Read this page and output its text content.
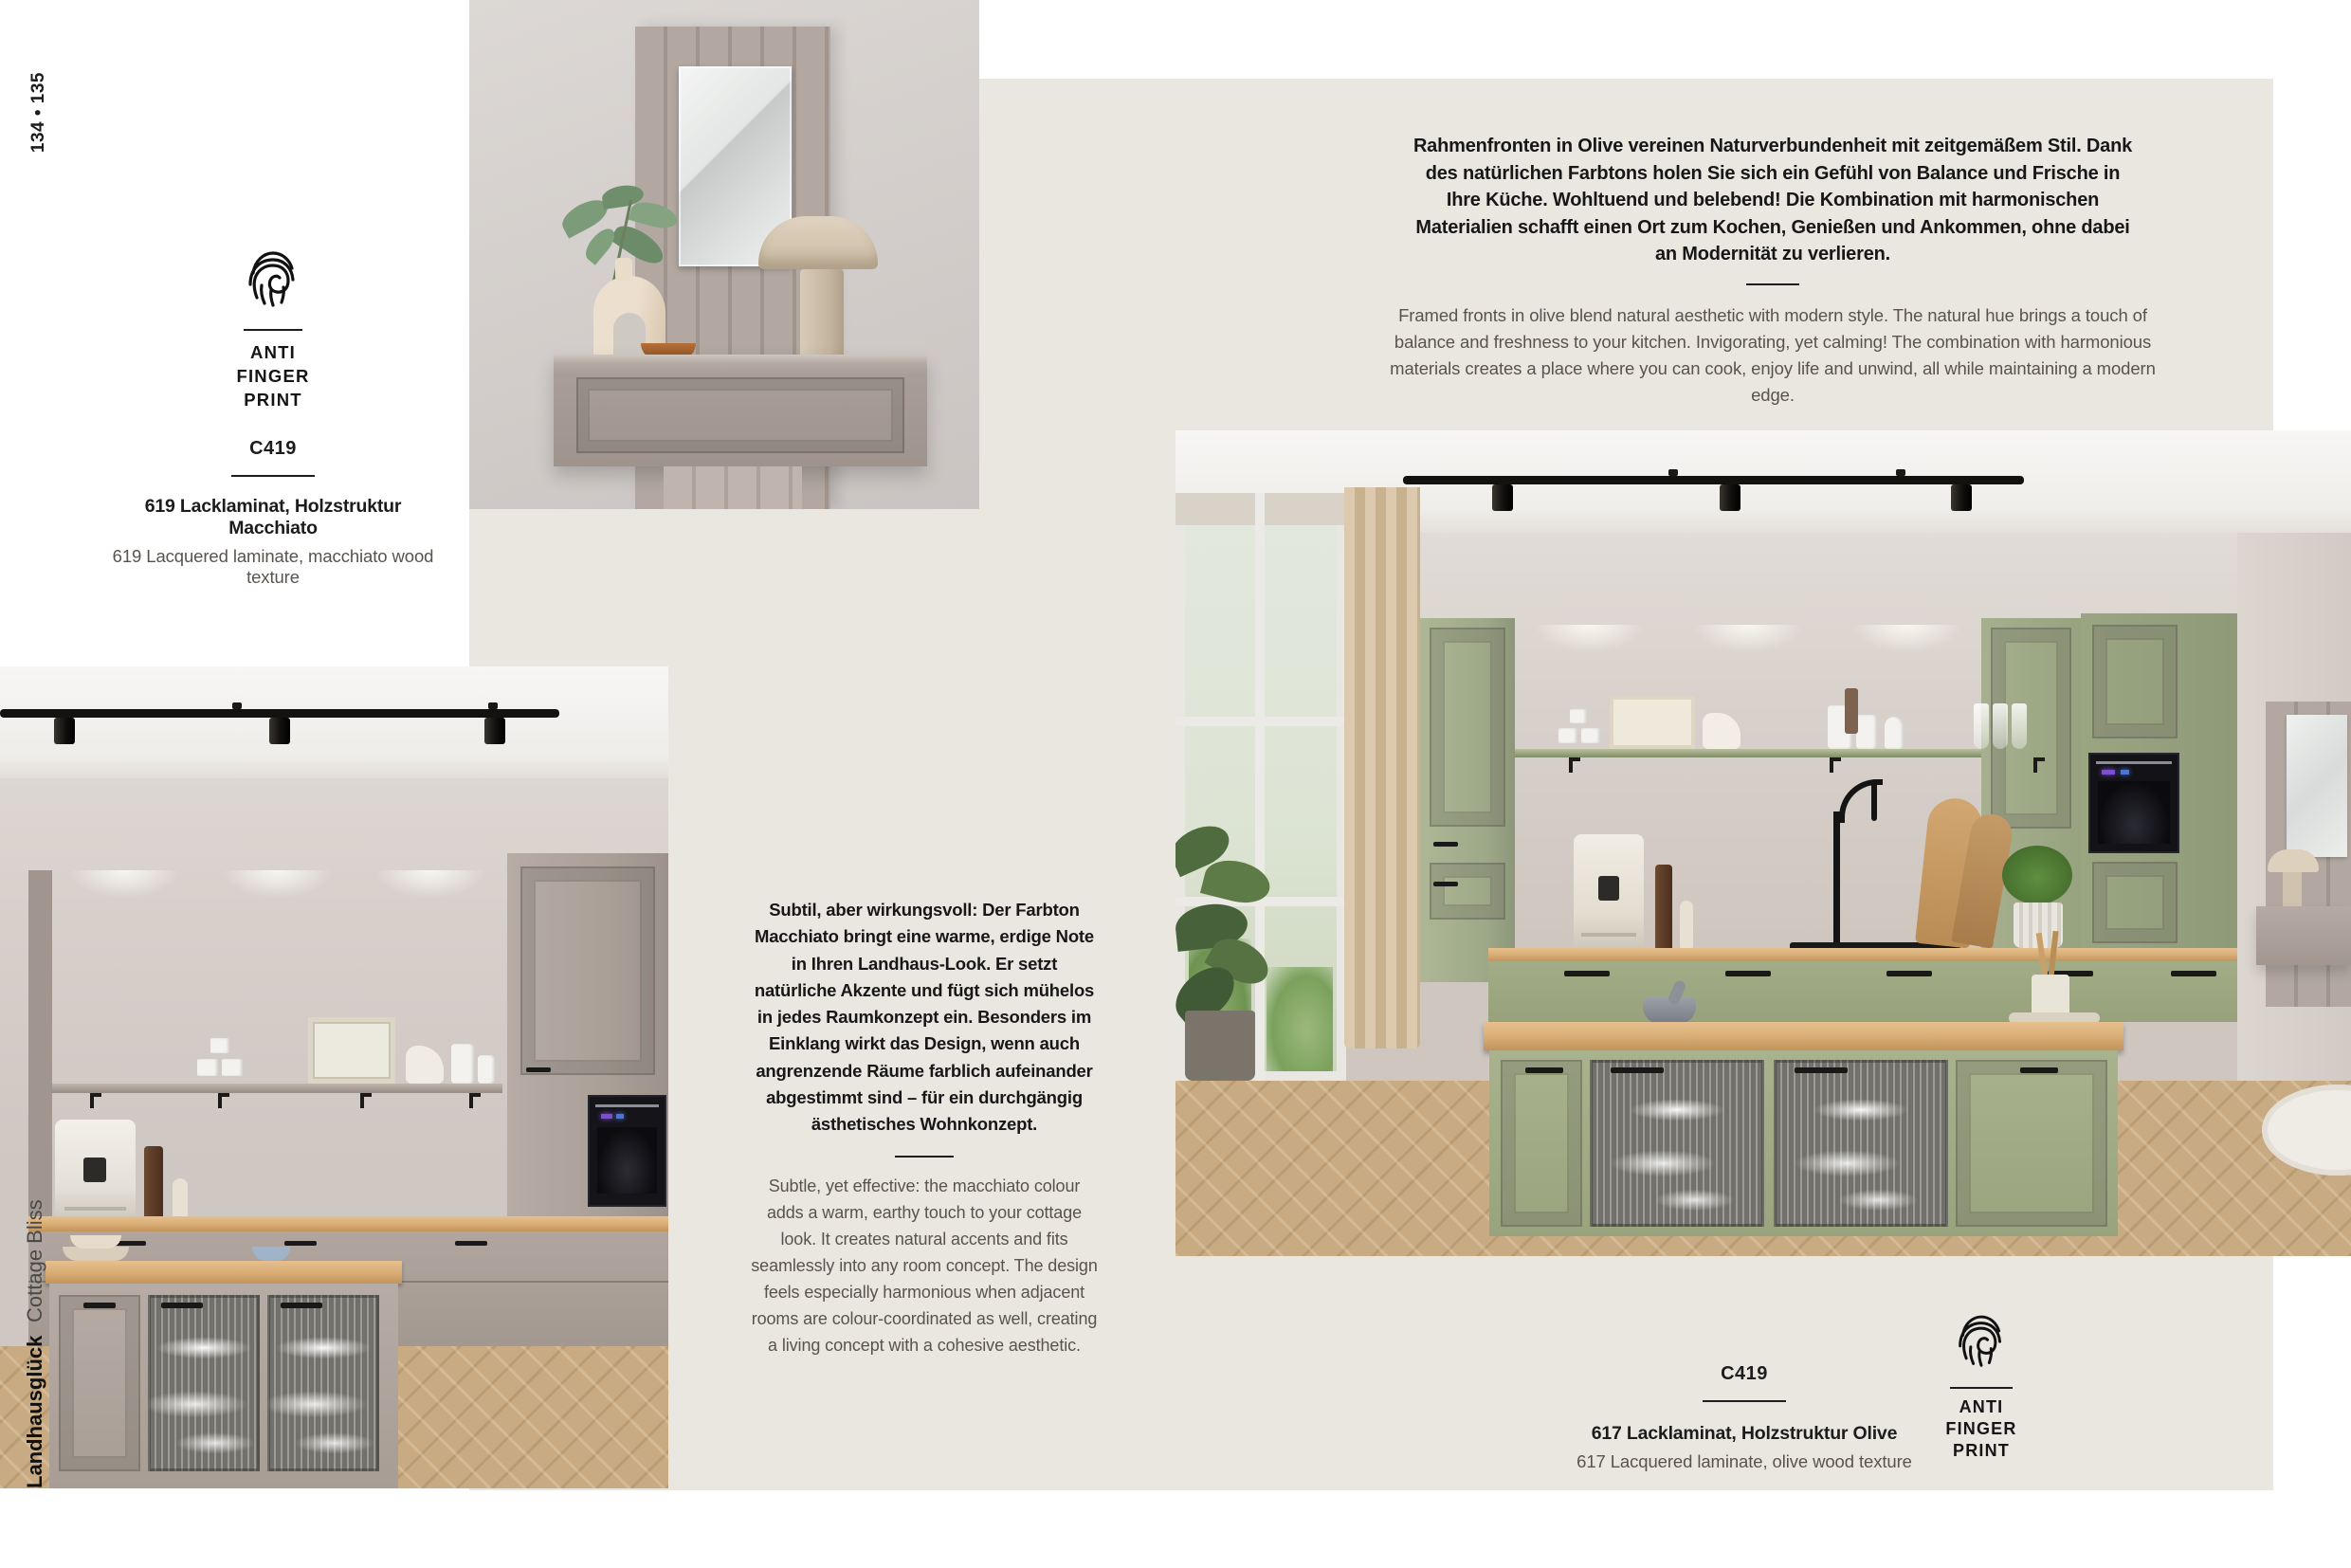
Rahmenfronten in Olive vereinen Naturverbundenheit mit zeitgemäßem Stil. Dank des natürlichen Farbtons holen Sie sich ein Gefühl von Balance und Frische in Ihre Küche. Wohltuend und belebend! Die Kombination mit harmonischen Materialien schafft einen Ort zum Kochen, Genießen und Ankommen, ohne dabei an Modernität zu verlieren.

Framed fronts in olive blend natural aesthetic with modern style. The natural hue brings a touch of balance and freshness to your kitchen. Invigorating, yet calming! The combination with harmonious materials creates a place where you can cook, enjoy life and unwind, all while maintaining a modern edge.

Subtil, aber wirkungsvoll: Der Farbton Macchiato bringt eine warme, erdige Note in Ihren Landhaus-Look. Er setzt natürliche Akzente und fügt sich mühelos in jedes Raumkonzept ein. Besonders im Einklang wirkt das Design, wenn auch angrenzende Räume farblich aufeinander abgestimmt sind – für ein durchgängig ästhetisches Wohnkonzept.

Subtle, yet effective: the macchiato colour adds a warm, earthy touch to your cottage look. It creates natural accents and fits seamlessly into any room concept. The design feels especially harmonious when adjacent rooms are colour-coordinated as well, creating a living concept with a cohesive aesthetic.

ANTI
FINGER
PRINT
C419
619 Lacklaminat, Holzstruktur Macchiato
619 Lacquered laminate, macchiato wood texture
C419
617 Lacklaminat, Holzstruktur Olive
617 Lacquered laminate, olive wood texture
ANTI
FINGER
PRINT
134 • 135
LandhausglückCottage Bliss
